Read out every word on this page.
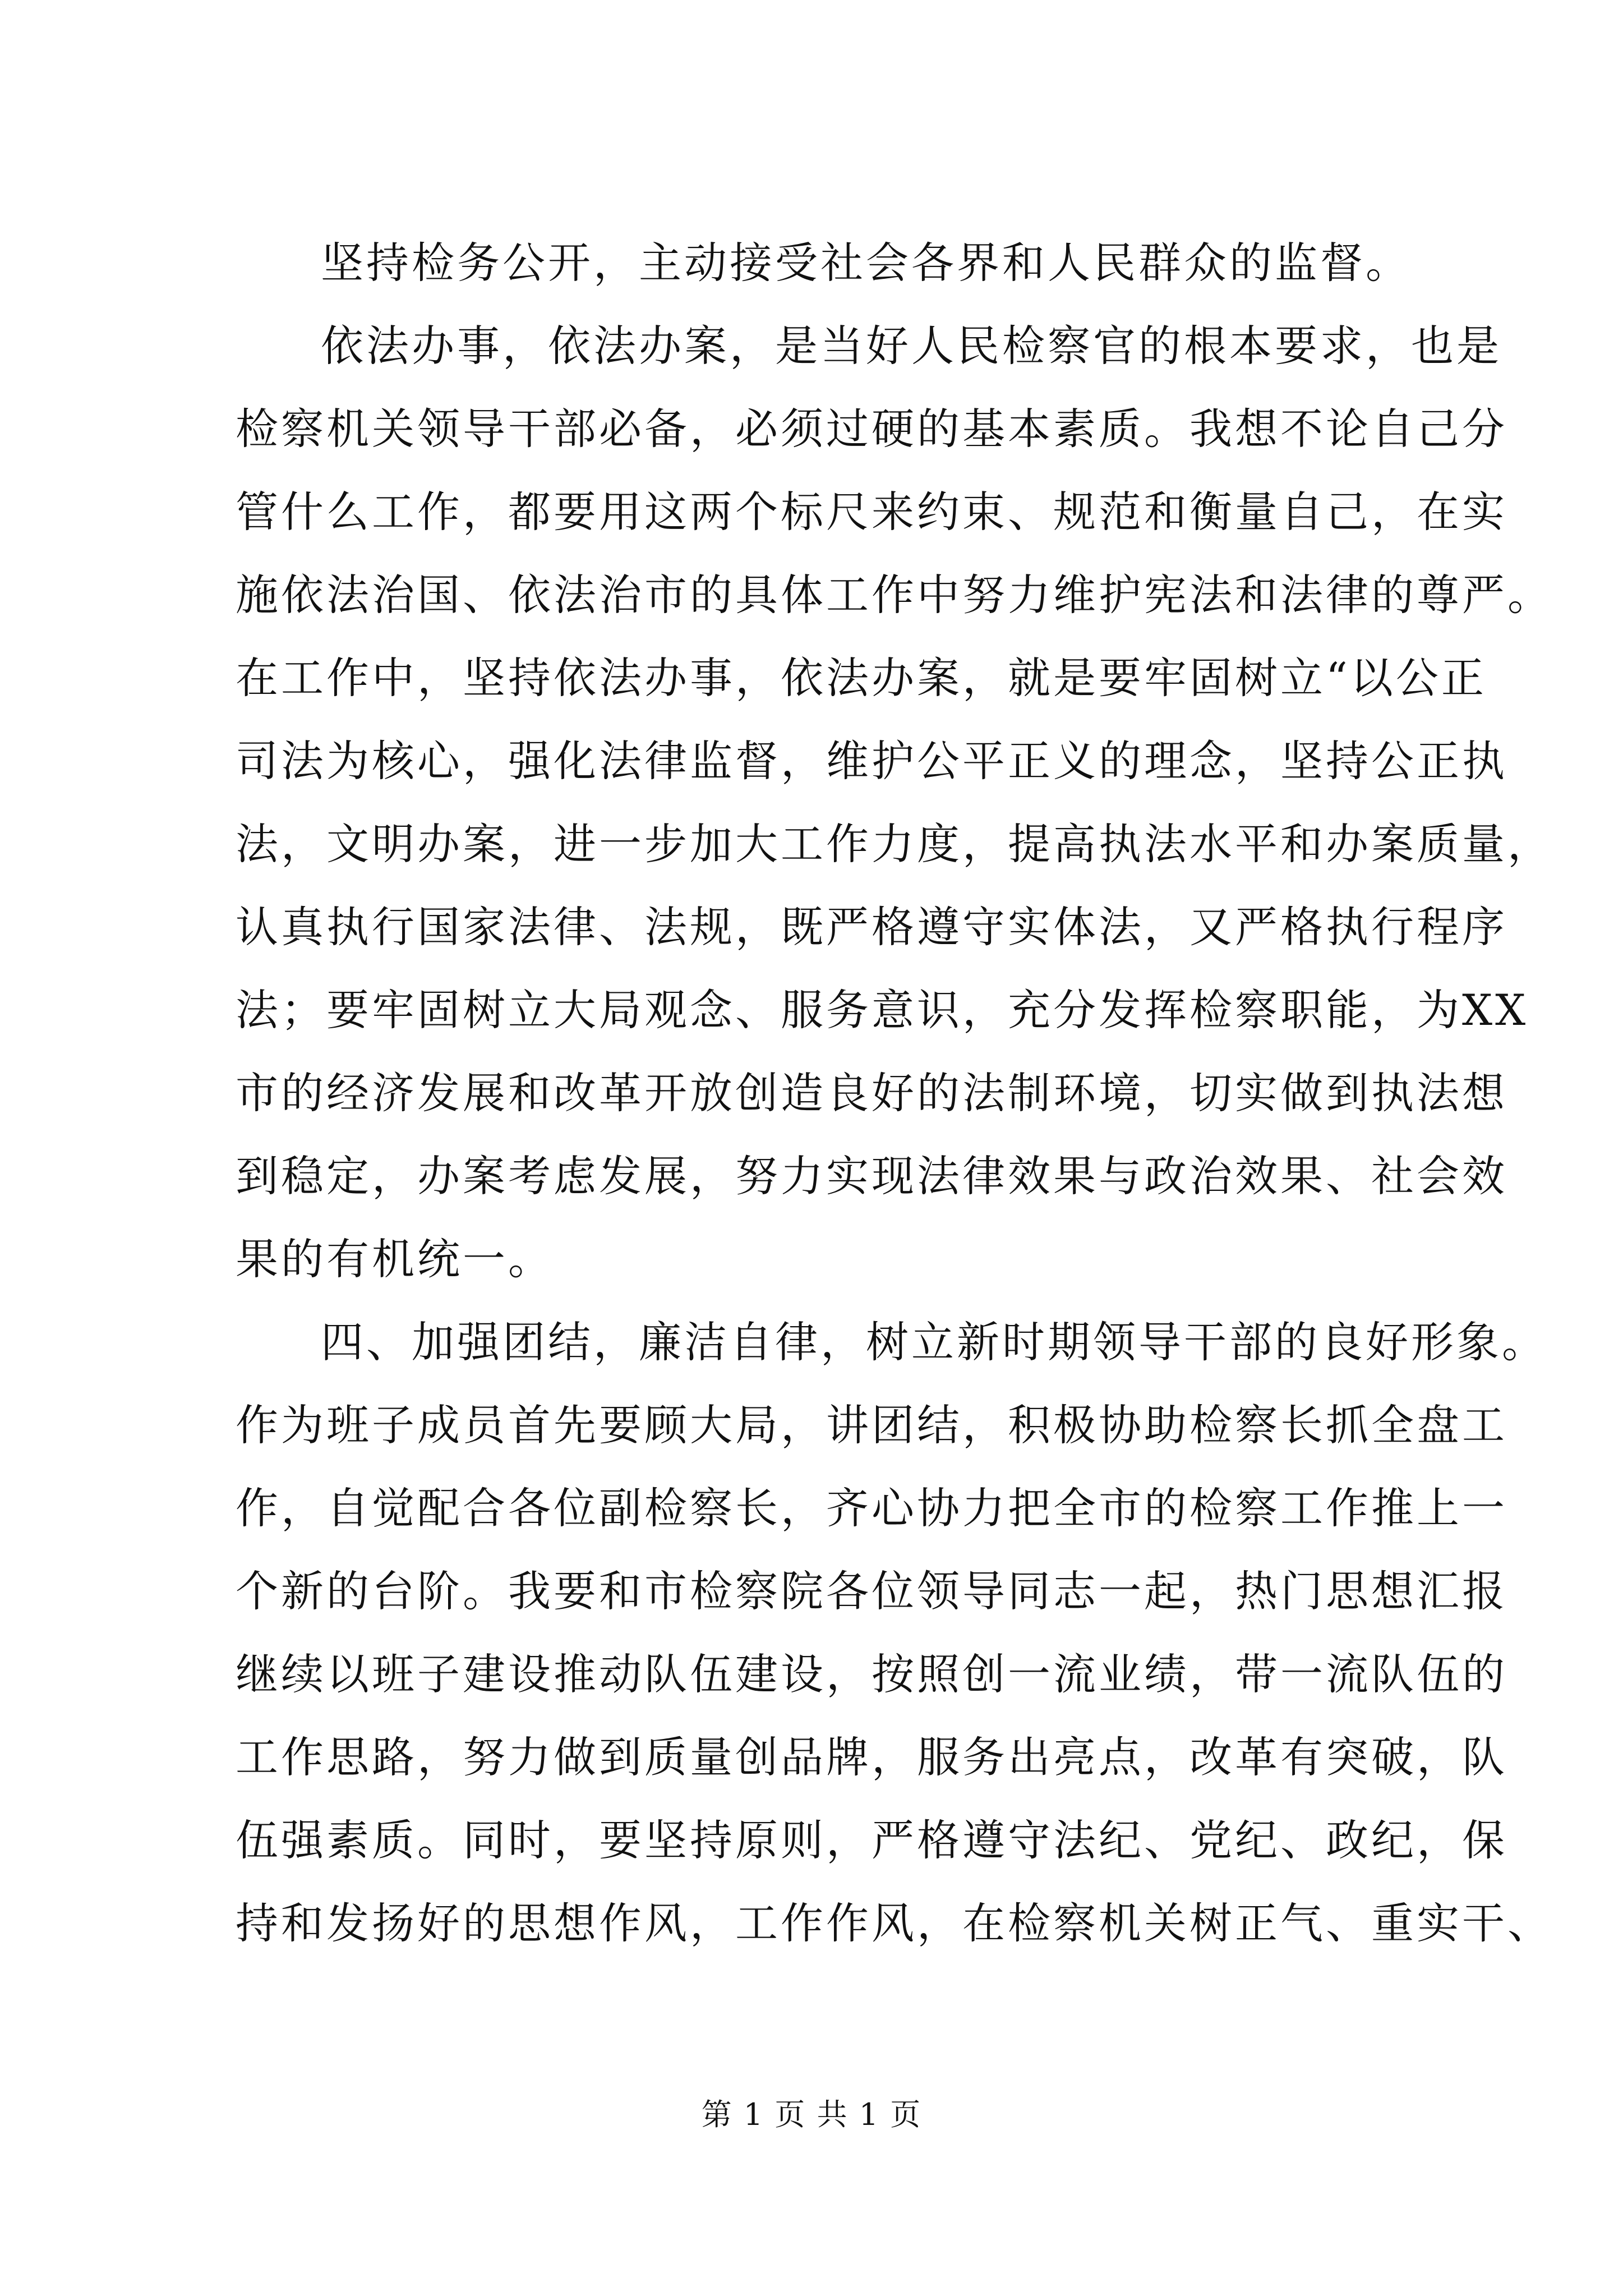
坚持检务公开，主动接受社会各界和人民群众的监督。
依法办事，依法办案，是当好人民检察官的根本要求，也是
检察机关领导干部必备，必须过硬的基本素质。我想不论自己分
管什么工作，都要用这两个标尺来约束、规范和衡量自己，在实
施依法治国、依法治市的具体工作中努力维护宪法和法律的尊严。
在工作中，坚持依法办事，依法办案，就是要牢固树立“以公正
司法为核心，强化法律监督，维护公平正义的理念，坚持公正执
法，文明办案，进一步加大工作力度，提高执法水平和办案质量，
认真执行国家法律、法规，既严格遵守实体法，又严格执行程序
法；要牢固树立大局观念、服务意识，充分发挥检察职能，为XX
市的经济发展和改革开放创造良好的法制环境，切实做到执法想
到稳定，办案考虑发展，努力实现法律效果与政治效果、社会效
果的有机统一。
四、加强团结，廉洁自律，树立新时期领导干部的良好形象。
作为班子成员首先要顾大局，讲团结，积极协助检察长抓全盘工
作，自觉配合各位副检察长，齐心协力把全市的检察工作推上一
个新的台阶。我要和市检察院各位领导同志一起，热门思想汇报
继续以班子建设推动队伍建设，按照创一流业绩，带一流队伍的
工作思路，努力做到质量创品牌，服务出亮点，改革有突破，队
伍强素质。同时，要坚持原则，严格遵守法纪、党纪、政纪，保
持和发扬好的思想作风，工作作风，在检察机关树正气、重实干、
第 1 页 共 1 页
